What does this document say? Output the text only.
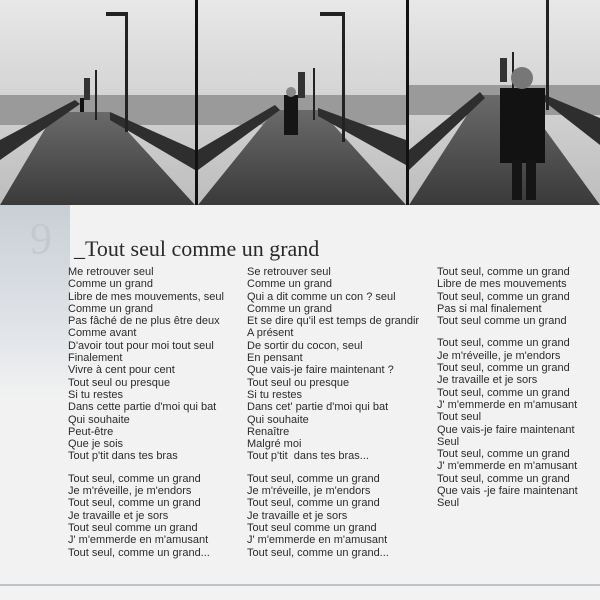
9 _Tout seul comme un grand
Me retrouver seul
Comme un grand
Libre de mes mouvements, seul
Comme un grand
Pas fâché de ne plus être deux
Comme avant
D'avoir tout pour moi tout seul
Finalement
Vivre à cent pour cent
Tout seul ou presque
Si tu restes
Dans cette partie d'moi qui bat
Qui souhaite
Peut-être
Que je sois
Tout p'tit dans tes bras
Tout seul, comme un grand
Je m'réveille, je m'endors
Tout seul, comme un grand
Je travaille et je sors
Tout seul comme un grand
J' m'emmerde en m'amusant
Tout seul, comme un grand...
Se retrouver seul
Comme un grand
Qui a dit comme un con ? seul
Comme un grand
Et se dire qu'il est temps de grandir
A présent
De sortir du cocon, seul
En pensant
Que vais-je faire maintenant ?
Tout seul ou presque
Si tu restes
Dans cet' partie d'moi qui bat
Qui souhaite
Renaître
Malgré moi
Tout p'tit  dans tes bras...
Tout seul, comme un grand
Je m'réveille, je m'endors
Tout seul, comme un grand
Je travaille et je sors
Tout seul comme un grand
J' m'emmerde en m'amusant
Tout seul, comme un grand...
Tout seul, comme un grand
Libre de mes mouvements
Tout seul, comme un grand
Pas si mal finalement
Tout seul comme un grand
Tout seul, comme un grand
Je m'réveille, je m'endors
Tout seul, comme un grand
Je travaille et je sors
Tout seul, comme un grand
J' m'emmerde en m'amusant
Tout seul
Que vais-je faire maintenant
Seul
Tout seul, comme un grand
J' m'emmerde en m'amusant
Tout seul, comme un grand
Que vais -je faire maintenant
Seul
